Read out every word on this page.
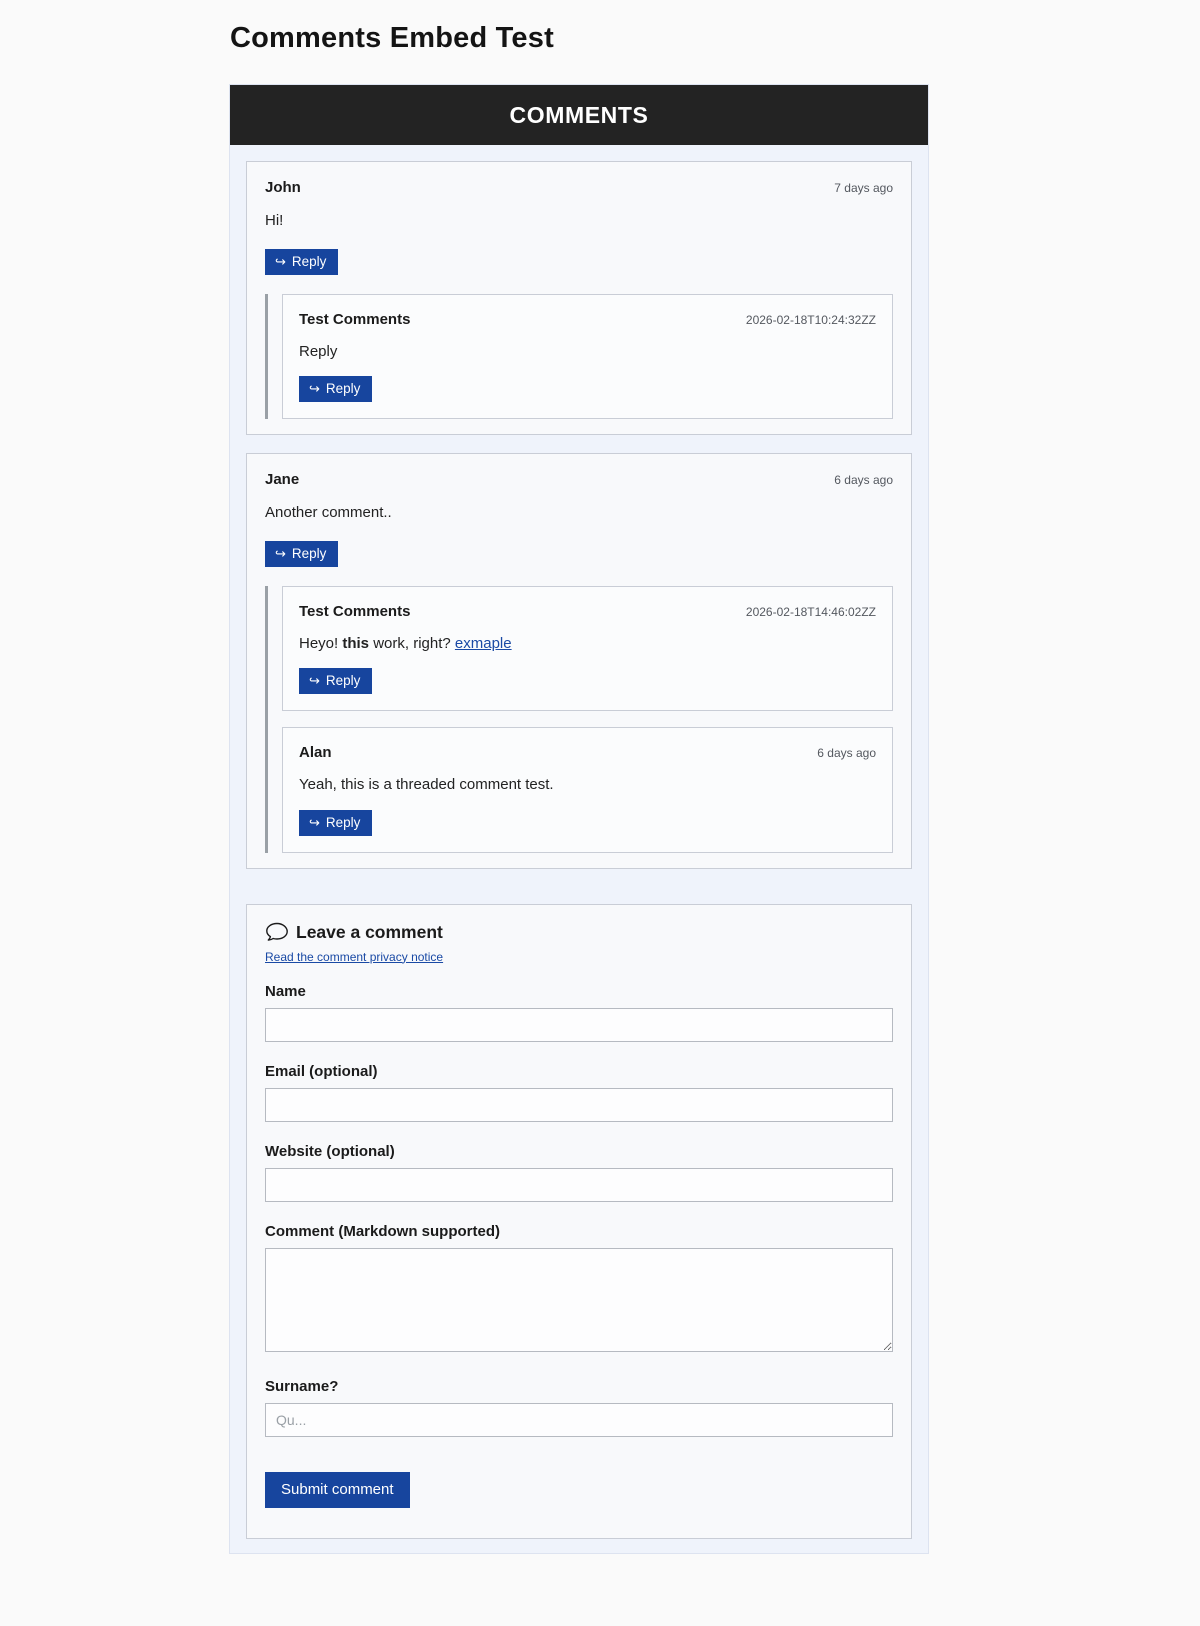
Comments Embed Test
COMMENTS
John	7 days ago
Hi!
↪ Reply
Test Comments	2026-02-18T10:24:32ZZ
Reply
↪ Reply
Jane	6 days ago
Another comment..
↪ Reply
Test Comments	2026-02-18T14:46:02ZZ
Heyo! this work, right? exmaple
↪ Reply
Alan	6 days ago
Yeah, this is a threaded comment test.
↪ Reply
Leave a comment
Read the comment privacy notice
Name
Email (optional)
Website (optional)
Comment (Markdown supported)
Surname?
Qu...
Submit comment
